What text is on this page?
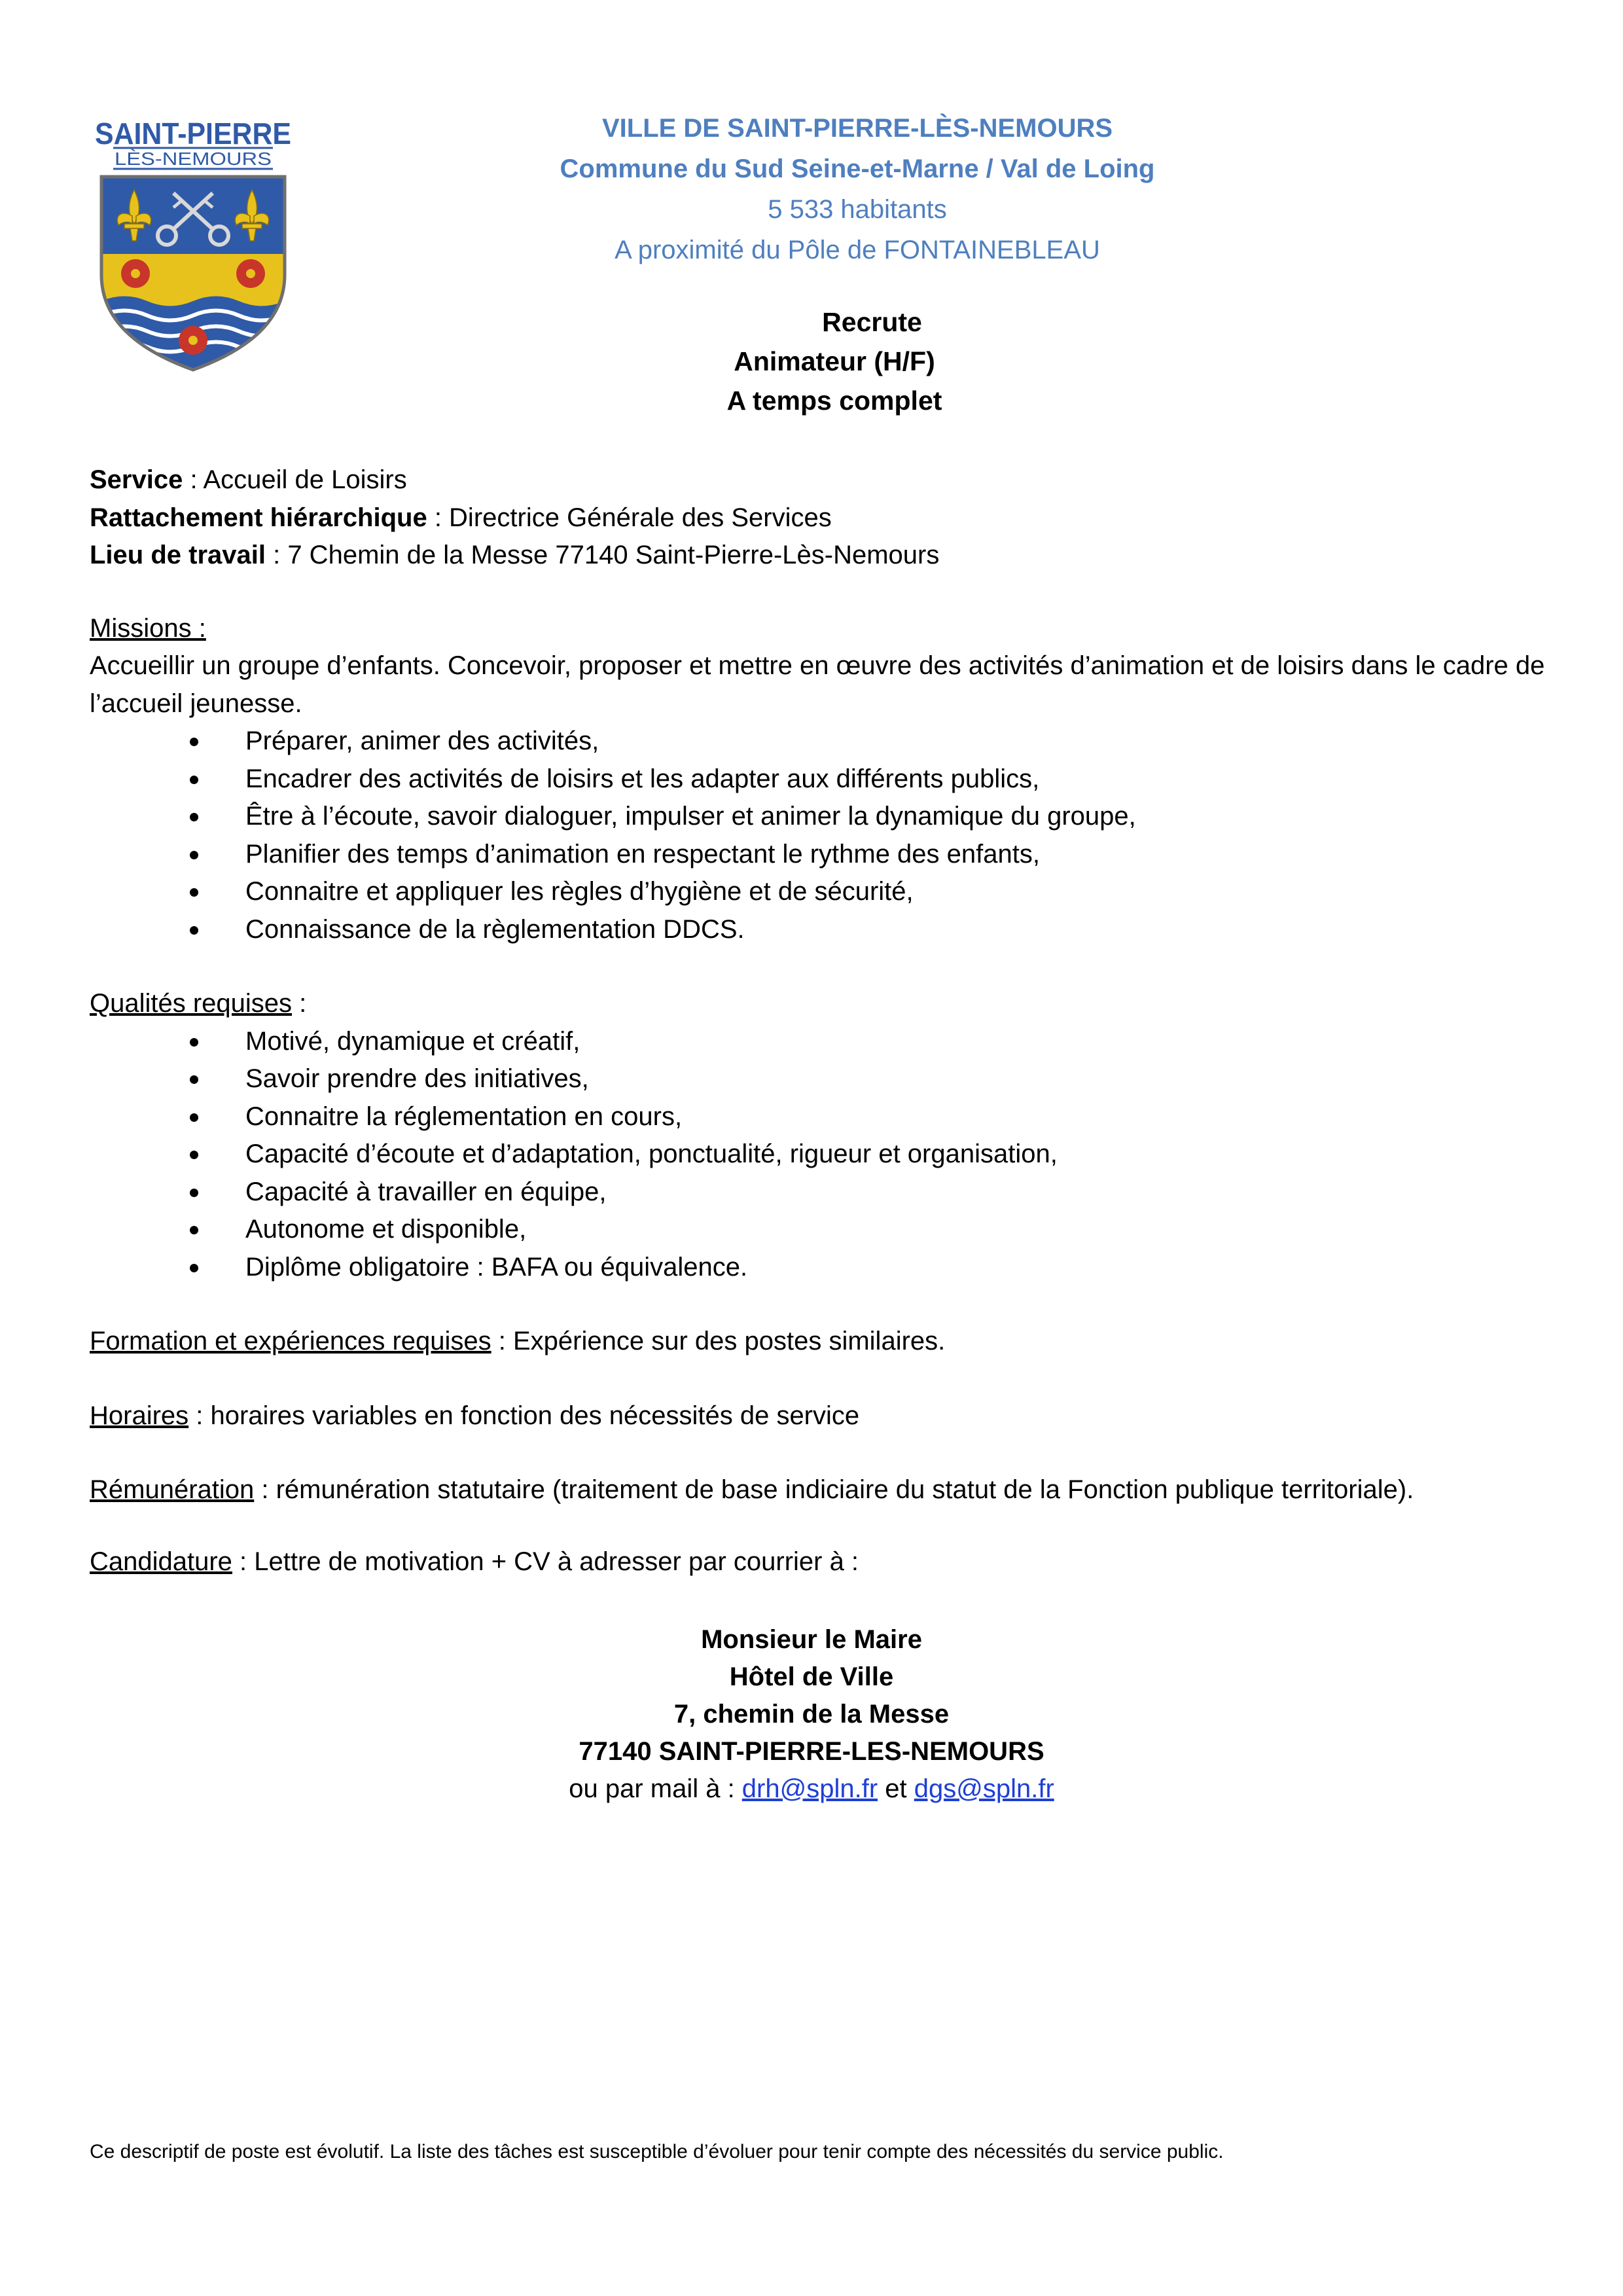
SAINT-PIERRE
LÈS-NEMOURS
VILLE DE SAINT-PIERRE-LÈS-NEMOURS
Commune du Sud Seine-et-Marne / Val de Loing
5 533 habitants
A proximité du Pôle de FONTAINEBLEAU
Recrute
Animateur (H/F)
A temps complet

Service : Accueil de Loisirs

Rattachement hiérarchique : Directrice Générale des Services

Lieu de travail : 7 Chemin de la Messe 77140 Saint-Pierre-Lès-Nemours

Missions :

Accueillir un groupe d’enfants. Concevoir, proposer et mettre en œuvre des activités d’animation et de loisirs dans le cadre de l’accueil jeunesse.

Préparer, animer des activités,
Encadrer des activités de loisirs et les adapter aux différents publics,
Être à l’écoute, savoir dialoguer, impulser et animer la dynamique du groupe,
Planifier des temps d’animation en respectant le rythme des enfants,
Connaitre et appliquer les règles d’hygiène et de sécurité,
Connaissance de la règlementation DDCS.

Qualités requises :

Motivé, dynamique et créatif,
Savoir prendre des initiatives,
Connaitre la réglementation en cours,
Capacité d’écoute et d’adaptation, ponctualité, rigueur et organisation,
Capacité à travailler en équipe,
Autonome et disponible,
Diplôme obligatoire : BAFA ou équivalence.

Formation et expériences requises : Expérience sur des postes similaires.

Horaires : horaires variables en fonction des nécessités de service

Rémunération : rémunération statutaire (traitement de base indiciaire du statut de la Fonction publique territoriale).

Candidature : Lettre de motivation + CV à adresser par courrier à :

Monsieur le Maire
Hôtel de Ville
7, chemin de la Messe
77140 SAINT-PIERRE-LES-NEMOURS
ou par mail à : drh@spln.fr et dgs@spln.fr
Ce descriptif de poste est évolutif. La liste des tâches est susceptible d’évoluer pour tenir compte des nécessités du service public.
